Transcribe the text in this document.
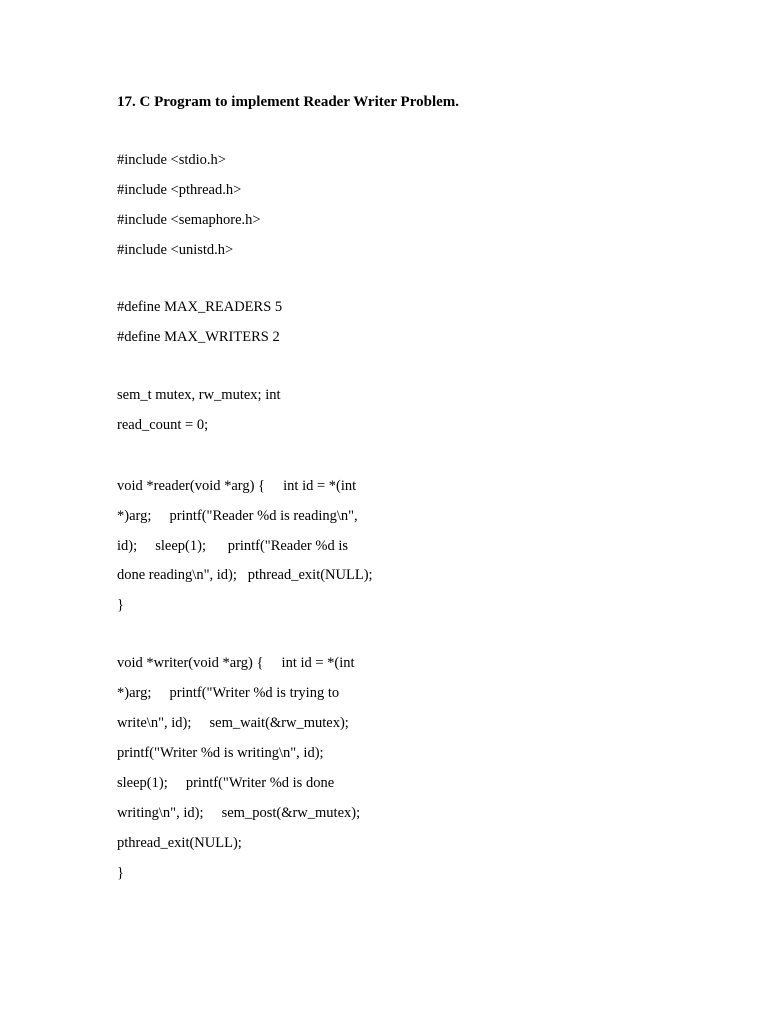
17. C Program to implement Reader Writer Problem.

#include <stdio.h>

#include <pthread.h>

#include <semaphore.h>

#include <unistd.h>

#define MAX_READERS 5

#define MAX_WRITERS 2

sem_t mutex, rw_mutex; int

read_count = 0;

void *reader(void *arg) {     int id = *(int

*)arg;     printf("Reader %d is reading\n",

id);     sleep(1);      printf("Reader %d is

done reading\n", id);   pthread_exit(NULL);

}

void *writer(void *arg) {     int id = *(int

*)arg;     printf("Writer %d is trying to

write\n", id);     sem_wait(&rw_mutex);

printf("Writer %d is writing\n", id);

sleep(1);     printf("Writer %d is done

writing\n", id);     sem_post(&rw_mutex);

pthread_exit(NULL);

}
